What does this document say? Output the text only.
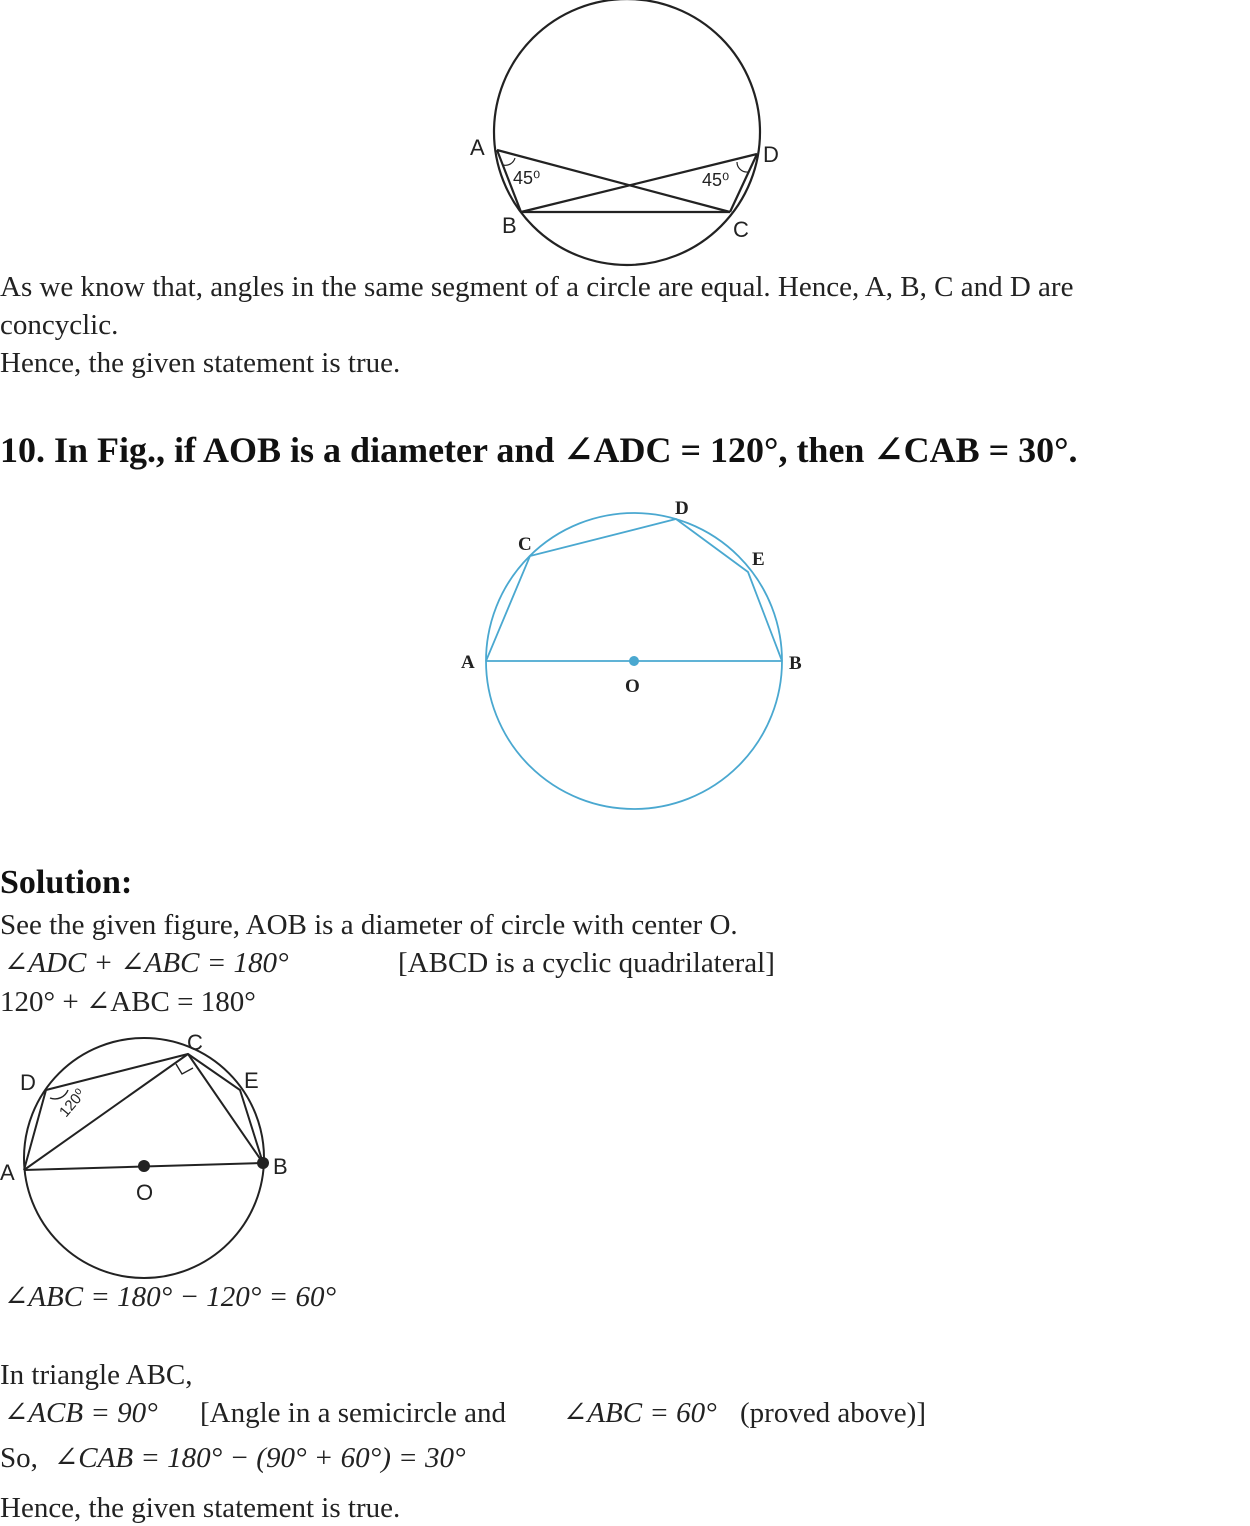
A	D
B	C
45⁰	45⁰
As we know that, angles in the same segment of a circle are equal. Hence, A, B, C and D are
concyclic.
Hence, the given statement is true.
10. In Fig., if AOB is a diameter and ∠ADC = 120°, then ∠CAB = 30°.
A	B
C
D
E
O
Solution:
See the given figure, AOB is a diameter of circle with center O.
∠ADC + ∠ABC = 180°	[ABCD is a cyclic quadrilateral]
120° + ∠ABC = 180°
A	B
C
D	E
O
120⁰
∠ABC = 180° − 120° = 60°
In triangle ABC,
∠ACB = 90° [Angle in a semicircle and ∠ABC = 60° (proved above)]
So, ∠CAB = 180° − (90° + 60°) = 30°
Hence, the given statement is true.
